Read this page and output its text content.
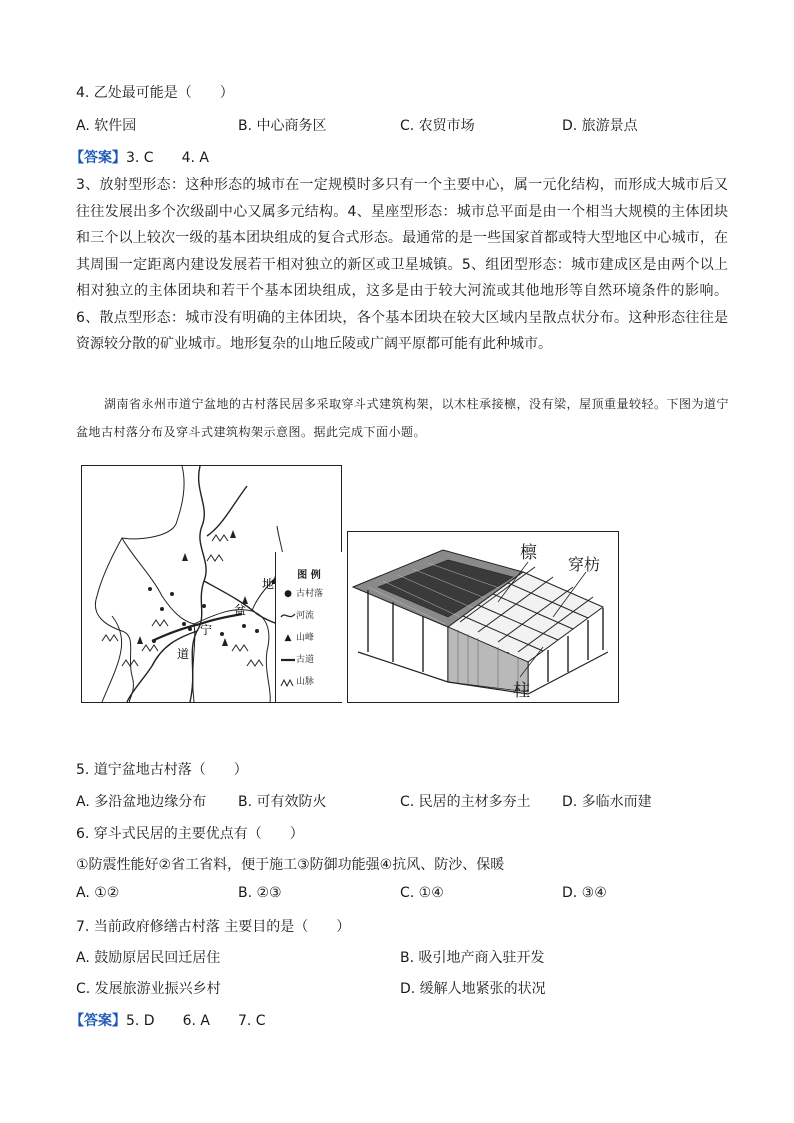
4. 乙处最可能是（　　）
A. 软件园	B. 中心商务区	C. 农贸市场	D. 旅游景点
【答案】3. C　　4. A
3、放射型形态：这种形态的城市在一定规模时多只有一个主要中心，属一元化结构，而形成大城市后又往往发展出多个次级副中心又属多元结构。4、星座型形态：城市总平面是由一个相当大规模的主体团块和三个以上较次一级的基本团块组成的复合式形态。最通常的是一些国家首都或特大型地区中心城市，在其周围一定距离内建设发展若干相对独立的新区或卫星城镇。5、组团型形态：城市建成区是由两个以上相对独立的主体团块和若干个基本团块组成，这多是由于较大河流或其他地形等自然环境条件的影响。6、散点型形态：城市没有明确的主体团块，各个基本团块在较大区域内呈散点状分布。这种形态往往是资源较分散的矿业城市。地形复杂的山地丘陵或广阔平原都可能有此种城市。
湖南省永州市道宁盆地的古村落民居多采取穿斗式建筑构架，以木柱承接檩，没有梁，屋顶重量较轻。下图为道宁盆地古村落分布及穿斗式建筑构架示意图。据此完成下面小题。
地
盆
宁
道
图 例
● 古村落
河流
▲ 山峰
古道
山脉
檩
穿枋
柱
5. 道宁盆地古村落（　　）
A. 多沿盆地边缘分布 B. 可有效防火	C. 民居的主材多夯土 D. 多临水而建
6. 穿斗式民居的主要优点有（　　）
①防震性能好②省工省料，便于施工③防御功能强④抗风、防沙、保暖
A. ①②	B. ②③	C. ①④	D. ③④
7. 当前政府修缮古村落 主要目的是（　　）
A. 鼓励原居民回迁居住	B. 吸引地产商入驻开发
C. 发展旅游业振兴乡村	D. 缓解人地紧张的状况
【答案】5. D　　6. A　　7. C
